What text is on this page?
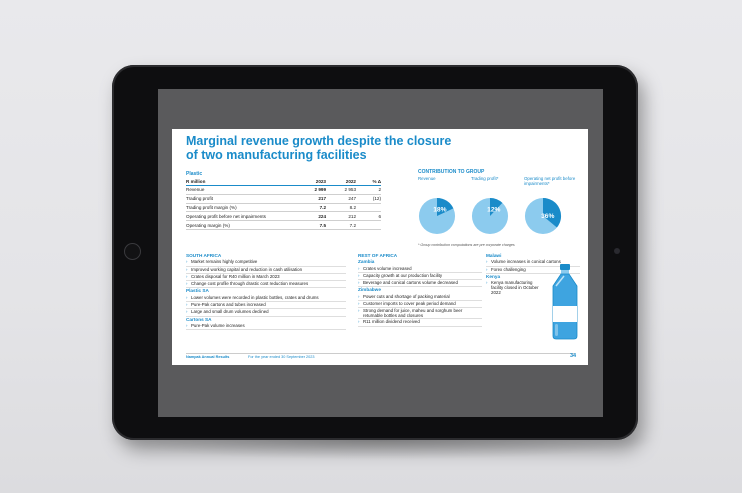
Marginal revenue growth despite the closure
of two manufacturing facilities
Plastic
R million	2023	2022	% Δ
Revenue	2 999	2 953	2
Trading profit	217	247	(12)
Trading profit margin (%)	7.2	8.2
Operating profit before net impairments	224	212	6
Operating margin (%)	7.5	7.2
CONTRIBUTION TO GROUP
Revenue	Trading profit*	Operating net profit before impairments*
18%	12%
36%
* Group contribution computations are pre corporate charges
SOUTH AFRICA
› Market remains highly competitive
› Improved working capital and reduction in cash utilisation
› Crates disposal for R40 million in March 2023
› Change cost profile through drastic cost reduction measures
Plastic SA
› Lower volumes were recorded in plastic bottles, crates and drums
› Pure-Pak cartons and tubes increased
› Large and small drum volumes declined
Cartons SA
› Pure-Pak volume increases
REST OF AFRICA
Zambia
› Crates volume increased
› Capacity growth at our production facility
› Beverage and conical cartons volume decreased
Zimbabwe
› Power cuts and shortage of packing material
› Customer imports to cover peak period demand
› Strong demand for juice, maheu and sorghum beer returnable bottles and closures
› R11 million dividend received
Malawi
› Volume increases in conical cartons
› Forex challenging
Kenya
› Kenya manufacturing facility closed in October 2022
Nampak Annual Results	For the year ended 30 September 2023	34
